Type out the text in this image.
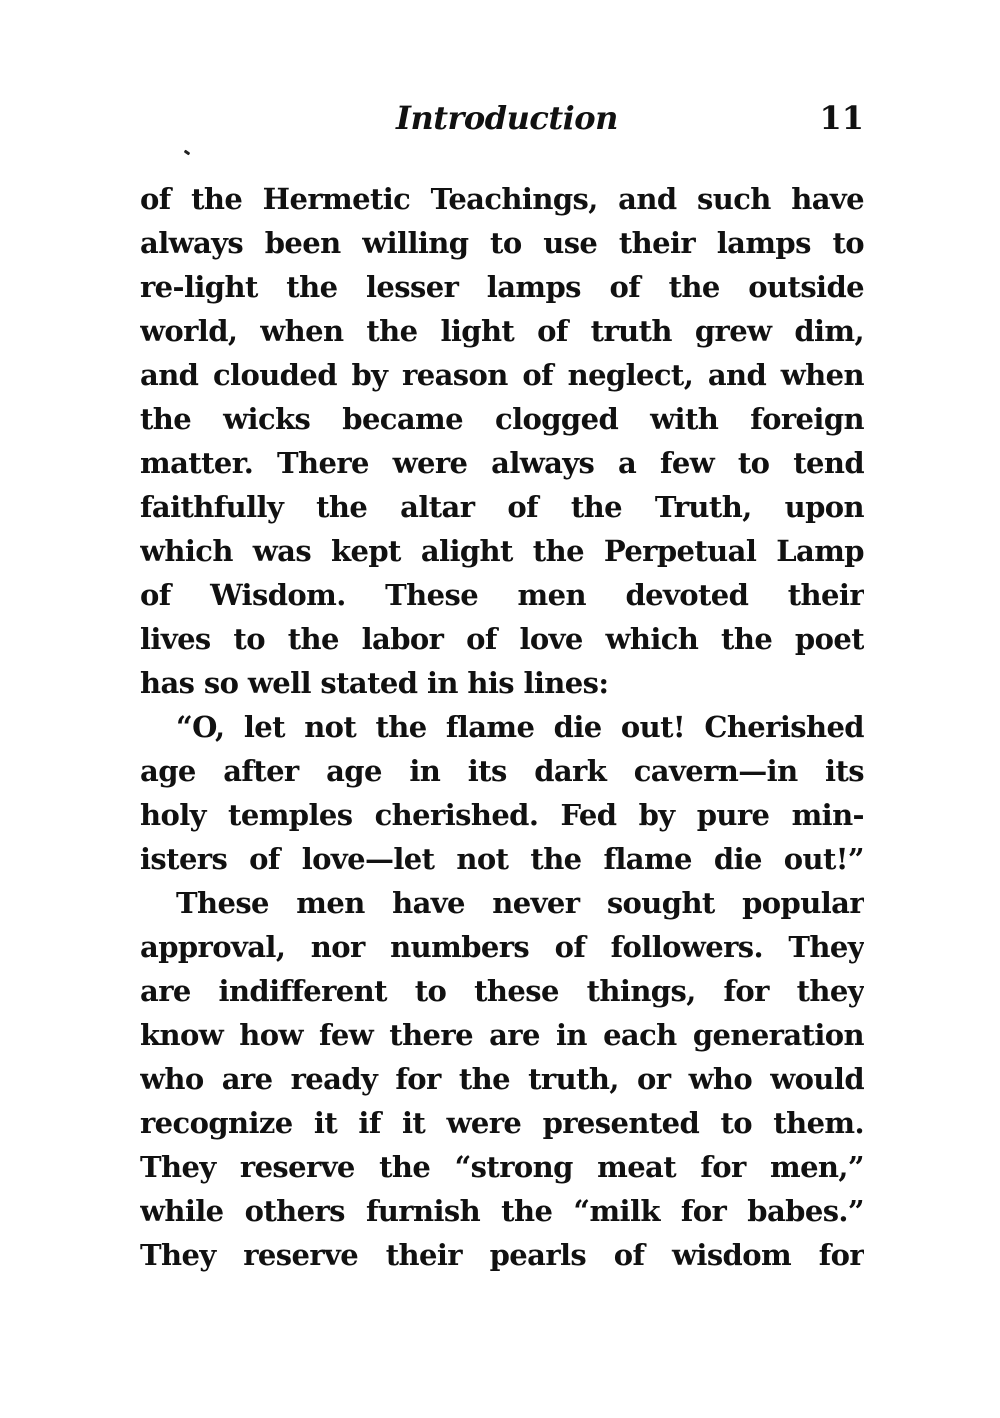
Introduction	11
of the Hermetic Teachings, and such have
always been willing to use their lamps to
re-light the lesser lamps of the outside
world, when the light of truth grew dim,
and clouded by reason of neglect, and when
the wicks became clogged with foreign
matter. There were always a few to tend
faithfully the altar of the Truth, upon
which was kept alight the Perpetual Lamp
of Wisdom. These men devoted their
lives to the labor of love which the poet
has so well stated in his lines:
“O, let not the flame die out! Cherished
age after age in its dark cavern—in its
holy temples cherished. Fed by pure min-
isters of love—let not the flame die out!”
These men have never sought popular
approval, nor numbers of followers. They
are indifferent to these things, for they
know how few there are in each generation
who are ready for the truth, or who would
recognize it if it were presented to them.
They reserve the “strong meat for men,”
while others furnish the “milk for babes.”
They reserve their pearls of wisdom for
